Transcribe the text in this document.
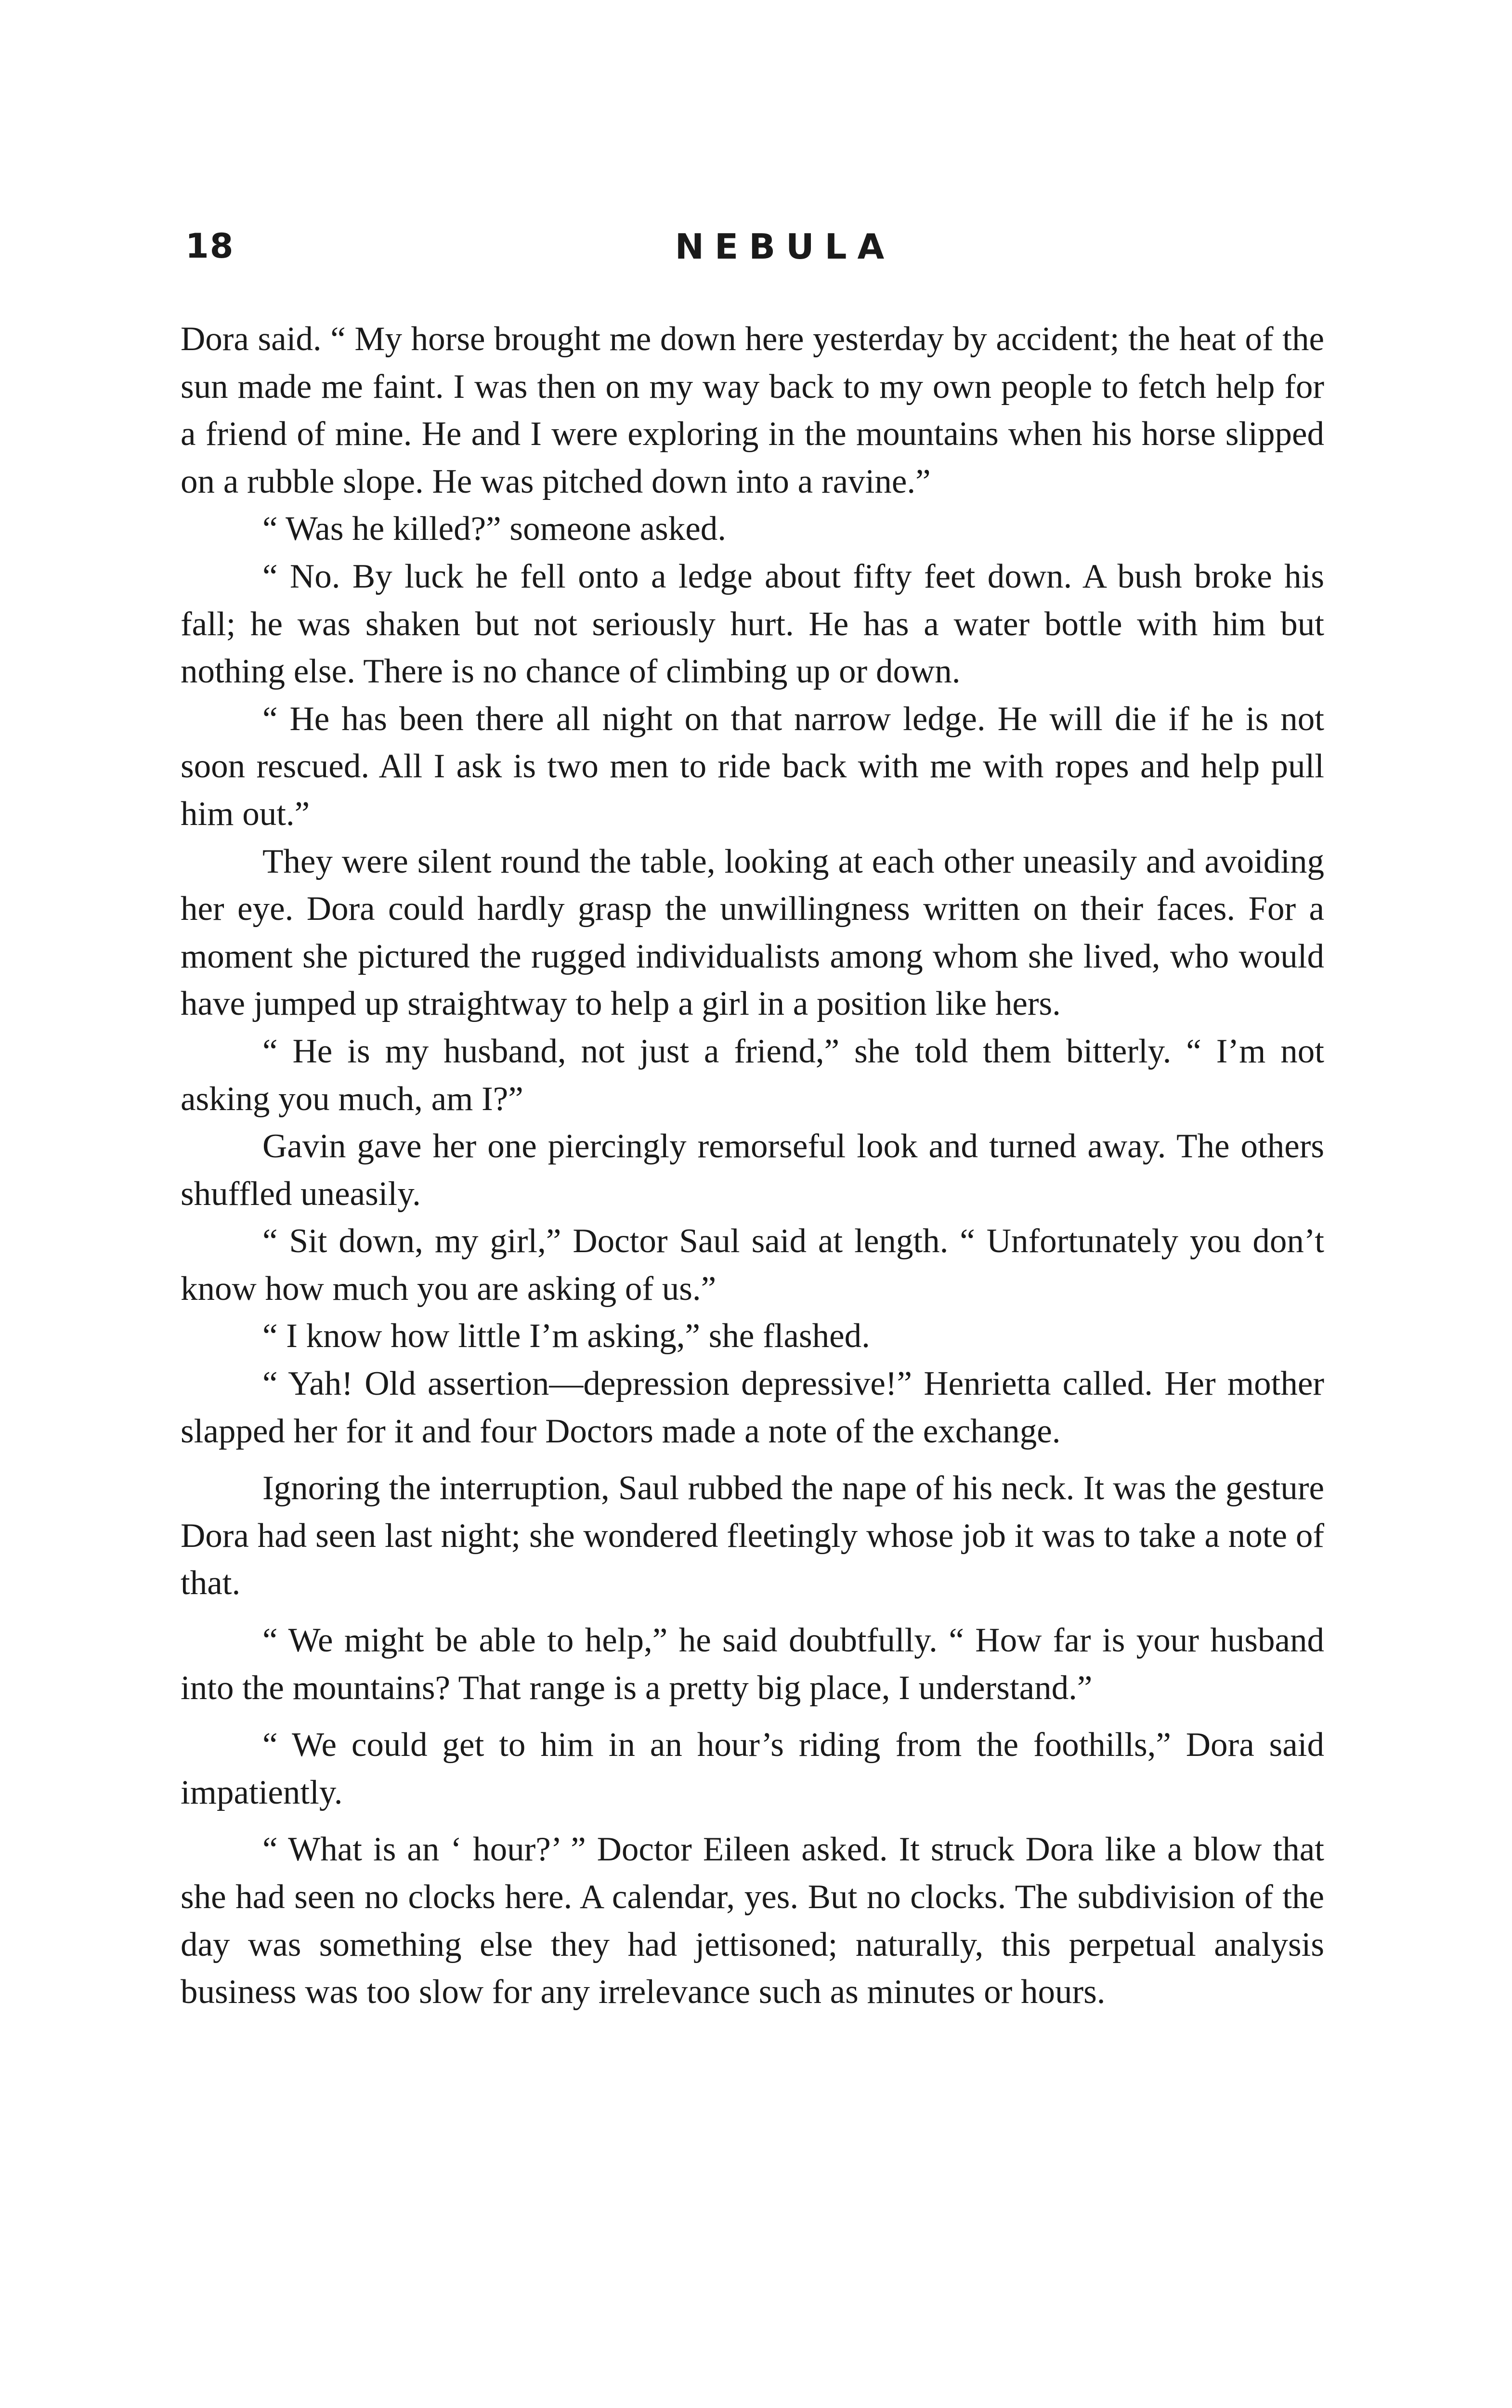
18	NEBULA

Dora said. “ My horse brought me down here yesterday by accident; the heat of the sun made me faint. I was then on my way back to my own people to fetch help for a friend of mine. He and I were exploring in the mountains when his horse slipped on a rubble slope. He was pitched down into a ravine.”

“ Was he killed?” someone asked.

“ No. By luck he fell onto a ledge about fifty feet down. A bush broke his fall; he was shaken but not seriously hurt. He has a water bottle with him but nothing else. There is no chance of climbing up or down.

“ He has been there all night on that narrow ledge. He will die if he is not soon rescued. All I ask is two men to ride back with me with ropes and help pull him out.”

They were silent round the table, looking at each other uneasily and avoiding her eye. Dora could hardly grasp the unwillingness written on their faces. For a moment she pictured the rugged individualists among whom she lived, who would have jumped up straightway to help a girl in a position like hers.

“ He is my husband, not just a friend,” she told them bitterly. “ I’m not asking you much, am I?”

Gavin gave her one piercingly remorseful look and turned away. The others shuffled uneasily.

“ Sit down, my girl,” Doctor Saul said at length. “ Unfortunately you don’t know how much you are asking of us.”

“ I know how little I’m asking,” she flashed.

“ Yah! Old assertion—depression depressive!” Henrietta called. Her mother slapped her for it and four Doctors made a note of the exchange.

Ignoring the interruption, Saul rubbed the nape of his neck. It was the gesture Dora had seen last night; she wondered fleetingly whose job it was to take a note of that.

“ We might be able to help,” he said doubtfully. “ How far is your husband into the mountains? That range is a pretty big place, I understand.”

“ We could get to him in an hour’s riding from the foothills,” Dora said impatiently.

“ What is an ‘ hour?’ ” Doctor Eileen asked. It struck Dora like a blow that she had seen no clocks here. A calendar, yes. But no clocks. The subdivision of the day was something else they had jettisoned; naturally, this perpetual analysis business was too slow for any irrelevance such as minutes or hours.
